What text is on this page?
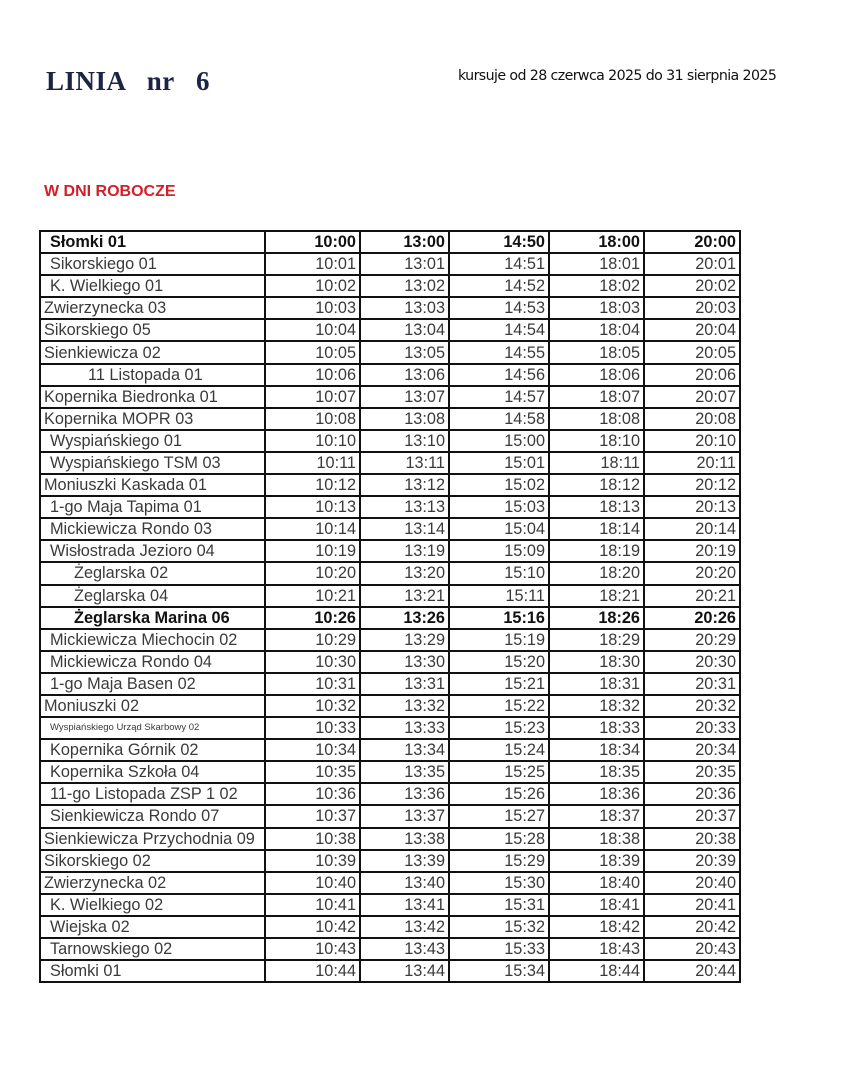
LINIA   nr   6	kursuje od 28 czerwca 2025 do 31 sierpnia 2025
W DNI ROBOCZE
Słomki 01	10:00	13:00	14:50	18:00	20:00
Sikorskiego 01	10:01	13:01	14:51	18:01	20:01
K. Wielkiego 01	10:02	13:02	14:52	18:02	20:02
Zwierzynecka 03	10:03	13:03	14:53	18:03	20:03
Sikorskiego 05	10:04	13:04	14:54	18:04	20:04
Sienkiewicza 02	10:05	13:05	14:55	18:05	20:05
11 Listopada 01	10:06	13:06	14:56	18:06	20:06
Kopernika Biedronka 01	10:07	13:07	14:57	18:07	20:07
Kopernika MOPR 03	10:08	13:08	14:58	18:08	20:08
Wyspiańskiego 01	10:10	13:10	15:00	18:10	20:10
Wyspiańskiego TSM 03	10:11	13:11	15:01	18:11	20:11
Moniuszki Kaskada 01	10:12	13:12	15:02	18:12	20:12
1-go Maja Tapima 01	10:13	13:13	15:03	18:13	20:13
Mickiewicza Rondo 03	10:14	13:14	15:04	18:14	20:14
Wisłostrada Jezioro 04	10:19	13:19	15:09	18:19	20:19
Żeglarska 02	10:20	13:20	15:10	18:20	20:20
Żeglarska 04	10:21	13:21	15:11	18:21	20:21
Żeglarska Marina 06	10:26	13:26	15:16	18:26	20:26
Mickiewicza Miechocin 02	10:29	13:29	15:19	18:29	20:29
Mickiewicza Rondo 04	10:30	13:30	15:20	18:30	20:30
1-go Maja Basen 02	10:31	13:31	15:21	18:31	20:31
Moniuszki 02	10:32	13:32	15:22	18:32	20:32
Wyspiańskiego Urząd Skarbowy 02	10:33	13:33	15:23	18:33	20:33
Kopernika Górnik 02	10:34	13:34	15:24	18:34	20:34
Kopernika Szkoła 04	10:35	13:35	15:25	18:35	20:35
11-go Listopada ZSP 1 02	10:36	13:36	15:26	18:36	20:36
Sienkiewicza Rondo 07	10:37	13:37	15:27	18:37	20:37
Sienkiewicza Przychodnia 09	10:38	13:38	15:28	18:38	20:38
Sikorskiego 02	10:39	13:39	15:29	18:39	20:39
Zwierzynecka 02	10:40	13:40	15:30	18:40	20:40
K. Wielkiego 02	10:41	13:41	15:31	18:41	20:41
Wiejska 02	10:42	13:42	15:32	18:42	20:42
Tarnowskiego 02	10:43	13:43	15:33	18:43	20:43
Słomki 01	10:44	13:44	15:34	18:44	20:44
